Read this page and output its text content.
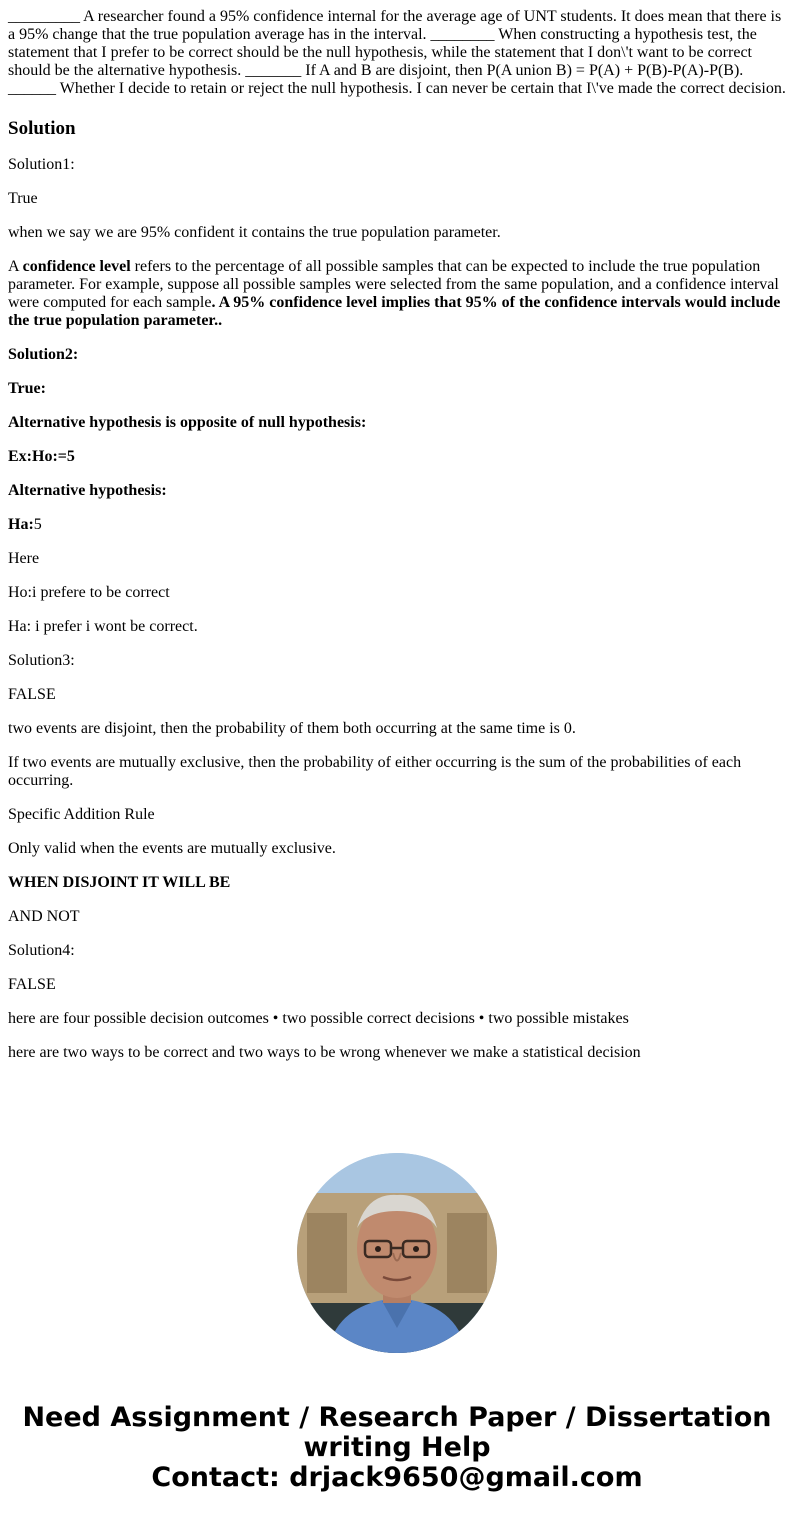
_________ A researcher found a 95% confidence internal for the average age of UNT students. It does mean that there is a 95% change that the true population average has in the interval. ________ When constructing a hypothesis test, the statement that I prefer to be correct should be the null hypothesis, while the statement that I don\'t want to be correct should be the alternative hypothesis. _______ If A and B are disjoint, then P(A union B) = P(A) + P(B)-P(A)-P(B). ______ Whether I decide to retain or reject the null hypothesis. I can never be certain that I\'ve made the correct decision.

Solution

Solution1:

True

when we say we are 95% confident it contains the true population parameter.

A confidence level refers to the percentage of all possible samples that can be expected to include the true population parameter. For example, suppose all possible samples were selected from the same population, and a confidence interval were computed for each sample. A 95% confidence level implies that 95% of the confidence intervals would include the true population parameter..

Solution2:

True:

Alternative hypothesis is opposite of null hypothesis:

Ex:Ho:=5

Alternative hypothesis:

Ha:5

Here

Ho:i prefere to be correct

Ha: i prefer i wont be correct.

Solution3:

FALSE

two events are disjoint, then the probability of them both occurring at the same time is 0.

If two events are mutually exclusive, then the probability of either occurring is the sum of the probabilities of each occurring.

Specific Addition Rule

Only valid when the events are mutually exclusive.

WHEN DISJOINT IT WILL BE

AND NOT

Solution4:

FALSE

here are four possible decision outcomes • two possible correct decisions • two possible mistakes

here are two ways to be correct and two ways to be wrong whenever we make a statistical decision

Need Assignment / Research Paper / Dissertation
writing Help
Contact: drjack9650@gmail.com
